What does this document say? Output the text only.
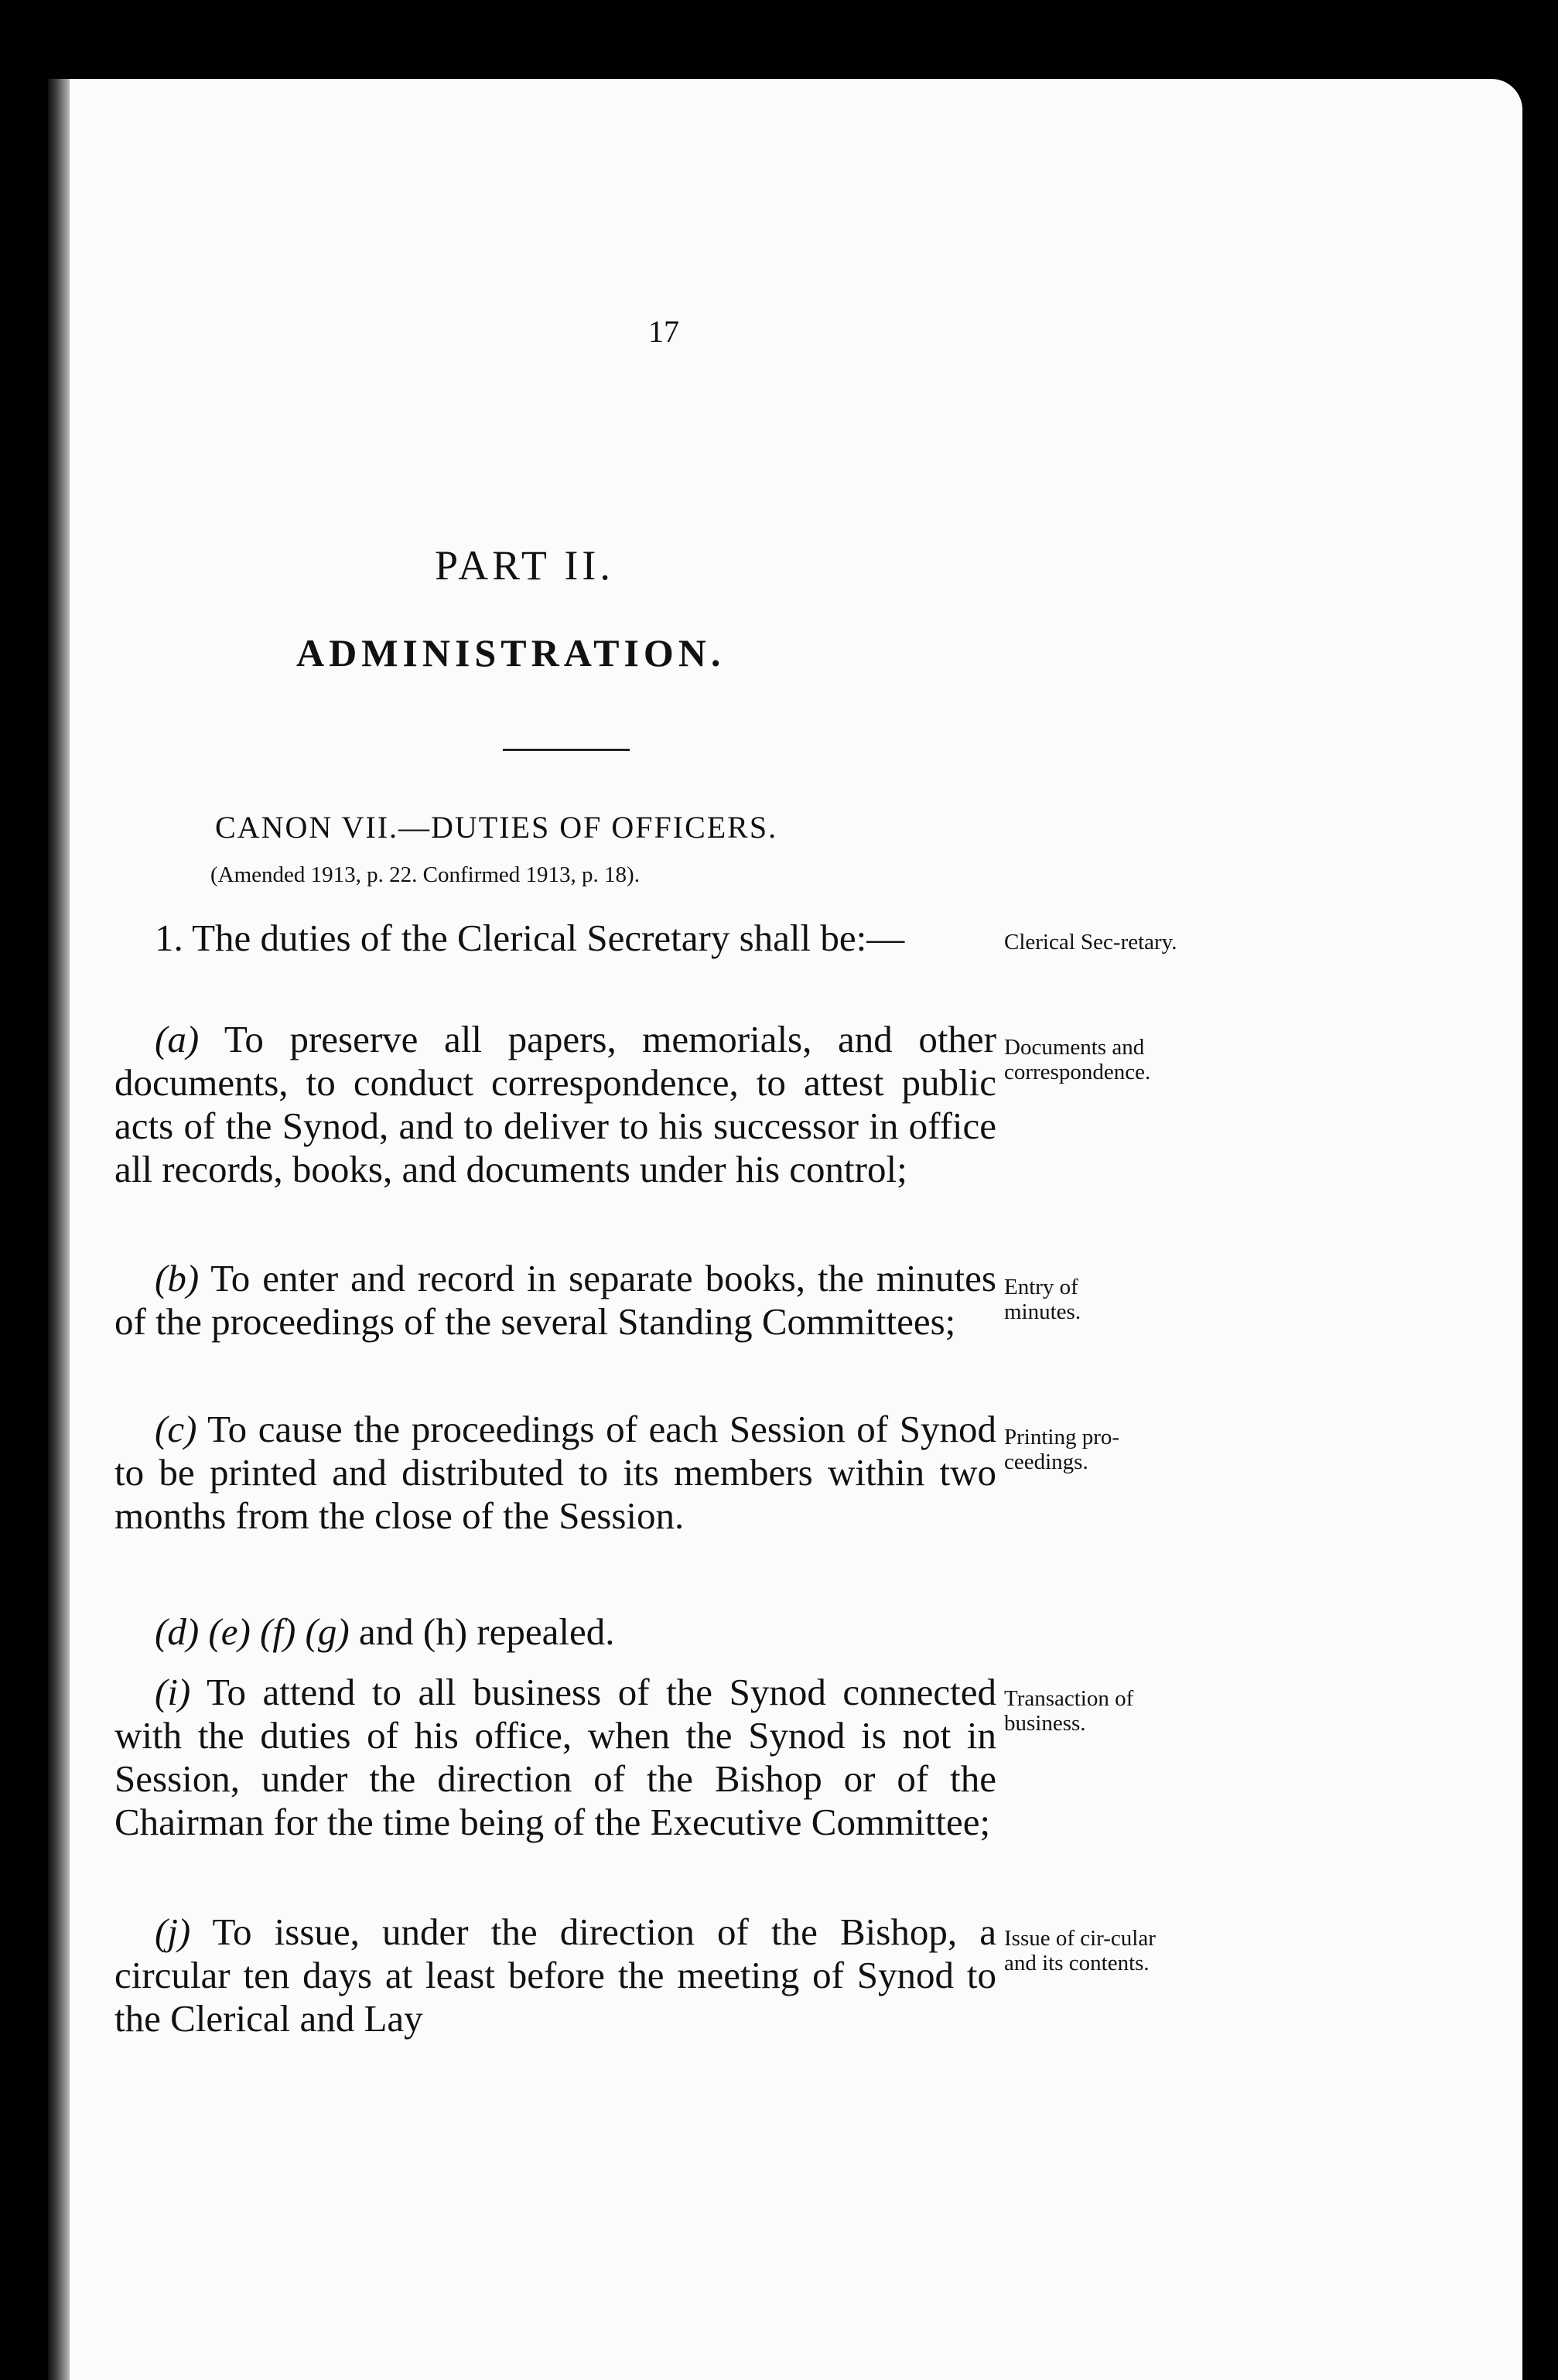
17
PART II.
ADMINISTRATION.
CANON VII.—DUTIES OF OFFICERS.
(Amended 1913, p. 22. Confirmed 1913, p. 18).
1. The duties of the Clerical Secretary shall be:—	Clerical Sec-retary.
(a) To preserve all papers, memorials, and other documents, to conduct correspondence, to attest public acts of the Synod, and to deliver to his successor in office all records, books, and documents under his control;
Documents and correspondence.
(b) To enter and record in separate books, the minutes of the proceedings of the several Standing Committees;
Entry of minutes.
(c) To cause the proceedings of each Session of Synod to be printed and distributed to its members within two months from the close of the Session.
Printing pro-ceedings.
(d) (e) (f) (g) and (h) repealed.
(i) To attend to all business of the Synod connected with the duties of his office, when the Synod is not in Session, under the direction of the Bishop or of the Chairman for the time being of the Executive Committee;
Transaction of business.
(j) To issue, under the direction of the Bishop, a circular ten days at least before the meeting of Synod to the Clerical and Lay
Issue of cir-cular and its contents.
